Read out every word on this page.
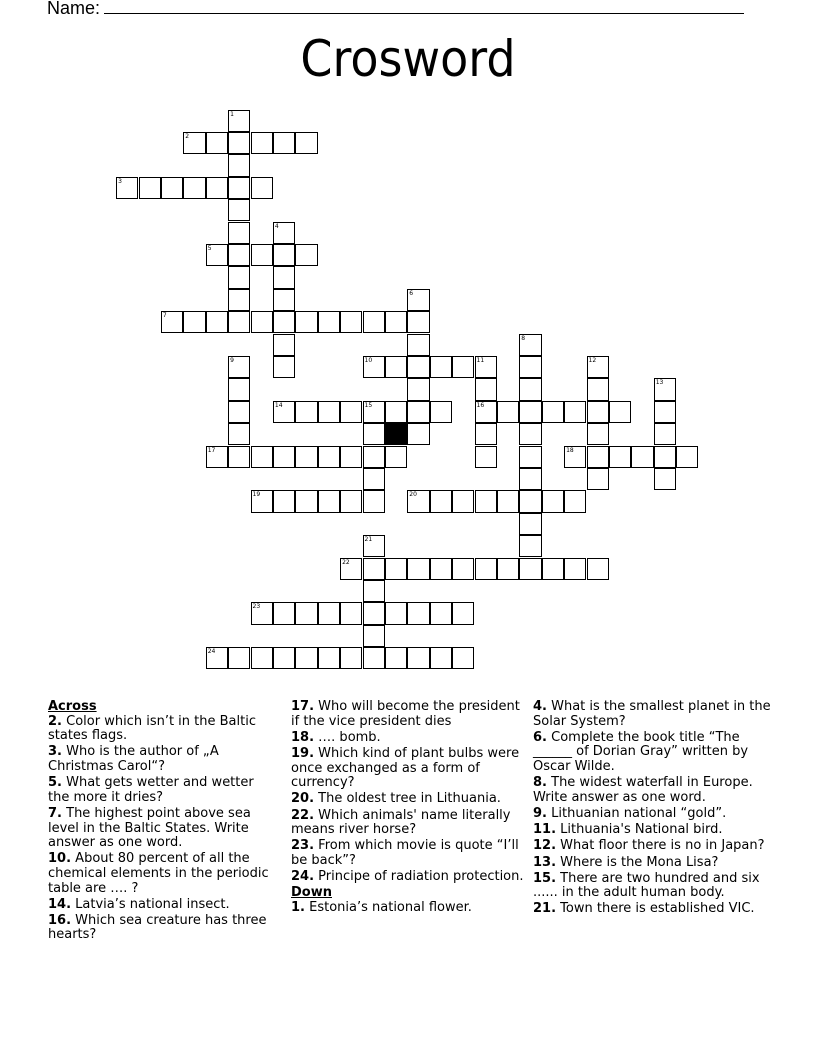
Name:
Crosword
1
2
3
4
5
6
7
8
9	10	11
16
12
13
14	15
17	18
19	20
21
22
23
24
Across
2. Color which isn’t in the Baltic states flags.
3. Who is the author of „A Christmas Carol“?
5. What gets wetter and wetter the more it dries?
7. The highest point above sea level in the Baltic States. Write answer as one word.
10. About 80 percent of all the chemical elements in the periodic table are …. ?
14. Latvia’s national insect.
16. Which sea creature has three hearts?
17. Who will become the president if the vice president dies
18. …. bomb.
19. Which kind of plant bulbs were once exchanged as a form of currency?
20. The oldest tree in Lithuania.
22. Which animals' name literally means river horse?
23. From which movie is quote “I’ll be back”?
24. Principe of radiation protection.
Down
1. Estonia’s national flower.
4. What is the smallest planet in the Solar System?
6. Complete the book title “The ______ of Dorian Gray” written by Oscar Wilde.
8. The widest waterfall in Europe. Write answer as one word.
9. Lithuanian national “gold”.
11. Lithuania's National bird.
12. What floor there is no in Japan?
13. Where is the Mona Lisa?
15. There are two hundred and six ...... in the adult human body.
21. Town there is established VIC.
